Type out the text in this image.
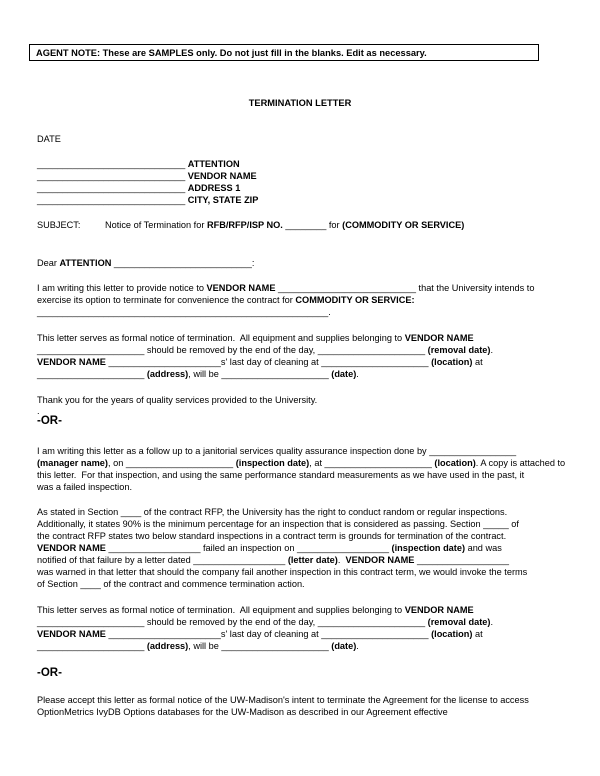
AGENT NOTE: These are SAMPLES only. Do not just fill in the blanks. Edit as necessary.
TERMINATION LETTER
DATE
_____________________________ ATTENTION
_____________________________ VENDOR NAME
_____________________________ ADDRESS 1
_____________________________ CITY, STATE ZIP
SUBJECT:	Notice of Termination for RFB/RFP/ISP NO. ________ for (COMMODITY OR SERVICE)
Dear ATTENTION ___________________________:
I am writing this letter to provide notice to VENDOR NAME ___________________________ that the University intends to
exercise its option to terminate for convenience the contract for COMMODITY OR SERVICE:
_________________________________________________________.
This letter serves as formal notice of termination.  All equipment and supplies belonging to VENDOR NAME
_____________________ should be removed by the end of the day, _____________________ (removal date).
VENDOR NAME ______________________s' last day of cleaning at _____________________ (location) at
_____________________ (address), will be _____________________ (date).
Thank you for the years of quality services provided to the University.
.
-OR-
I am writing this letter as a follow up to a janitorial services quality assurance inspection done by _________________
(manager name), on _____________________ (inspection date), at _____________________ (location). A copy is attached to
this letter.  For that inspection, and using the same performance standard measurements as we have used in the past, it
was a failed inspection.
As stated in Section ____ of the contract RFP, the University has the right to conduct random or regular inspections.
Additionally, it states 90% is the minimum percentage for an inspection that is considered as passing. Section _____ of
the contract RFP states two below standard inspections in a contract term is grounds for termination of the contract.
VENDOR NAME __________________ failed an inspection on __________________ (inspection date) and was
notified of that failure by a letter dated __________________ (letter date).  VENDOR NAME __________________
was warned in that letter that should the company fail another inspection in this contract term, we would invoke the terms
of Section ____ of the contract and commence termination action.
This letter serves as formal notice of termination.  All equipment and supplies belonging to VENDOR NAME
_____________________ should be removed by the end of the day, _____________________ (removal date).
VENDOR NAME ______________________s' last day of cleaning at _____________________ (location) at
_____________________ (address), will be _____________________ (date).
-OR-
Please accept this letter as formal notice of the UW-Madison's intent to terminate the Agreement for the license to access
OptionMetrics IvyDB Options databases for the UW-Madison as described in our Agreement effective
